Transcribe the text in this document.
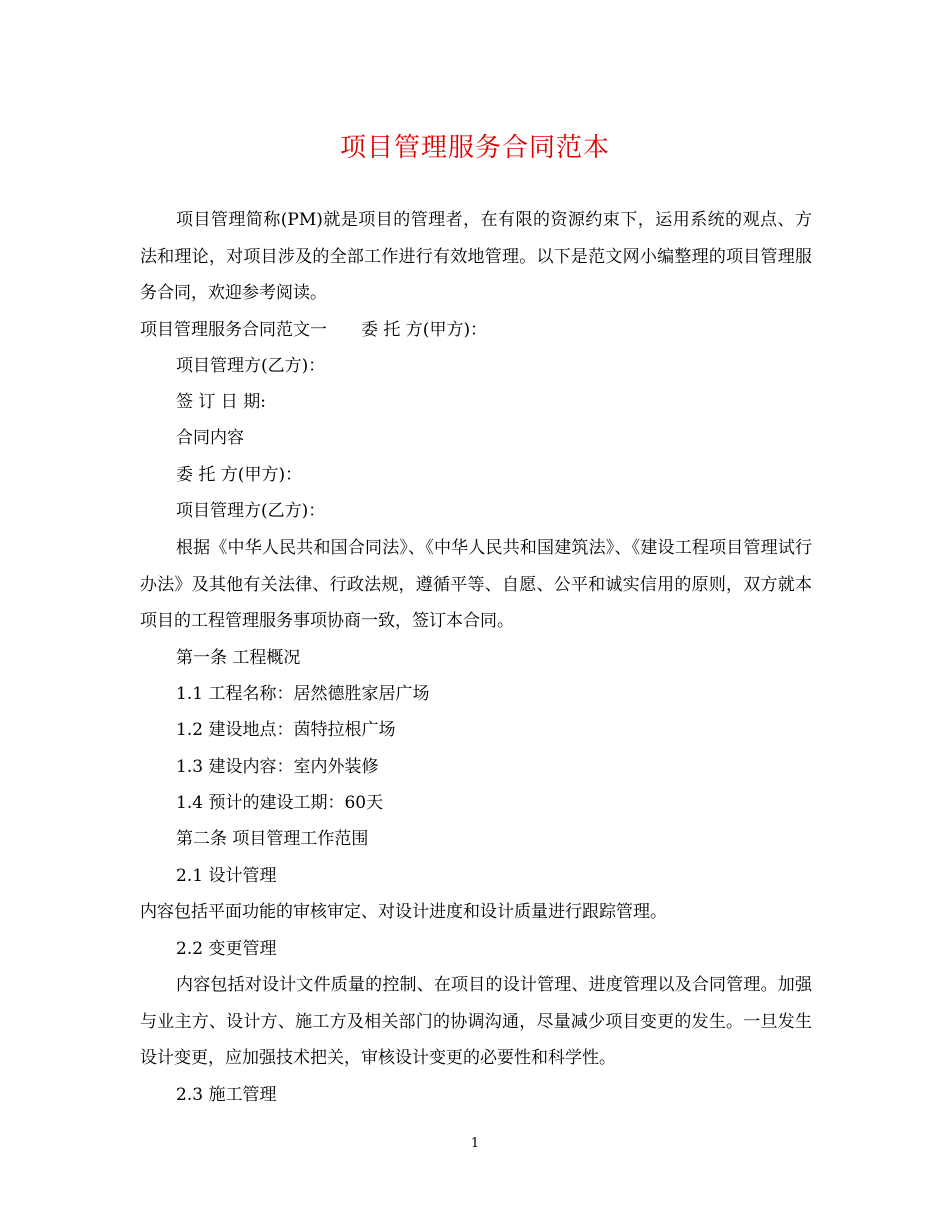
项目管理服务合同范本

项目管理简称(PM)就是项目的管理者，在有限的资源约束下，运用系统的观点、方法和理论，对项目涉及的全部工作进行有效地管理。以下是范文网小编整理的项目管理服务合同，欢迎参考阅读。

项目管理服务合同范文一　　委 托 方(甲方)：

项目管理方(乙方)：

签 订 日 期:

合同内容

委 托 方(甲方)：

项目管理方(乙方)：

根据《中华人民共和国合同法》、《中华人民共和国建筑法》、《建设工程项目管理试行办法》及其他有关法律、行政法规，遵循平等、自愿、公平和诚实信用的原则，双方就本项目的工程管理服务事项协商一致，签订本合同。

第一条 工程概况

1.1 工程名称：居然德胜家居广场

1.2 建设地点：茵特拉根广场

1.3 建设内容：室内外装修

1.4 预计的建设工期：60天

第二条 项目管理工作范围

2.1 设计管理

内容包括平面功能的审核审定、对设计进度和设计质量进行跟踪管理。

2.2 变更管理

内容包括对设计文件质量的控制、在项目的设计管理、进度管理以及合同管理。加强与业主方、设计方、施工方及相关部门的协调沟通，尽量减少项目变更的发生。一旦发生设计变更，应加强技术把关，审核设计变更的必要性和科学性。

2.3 施工管理

1
